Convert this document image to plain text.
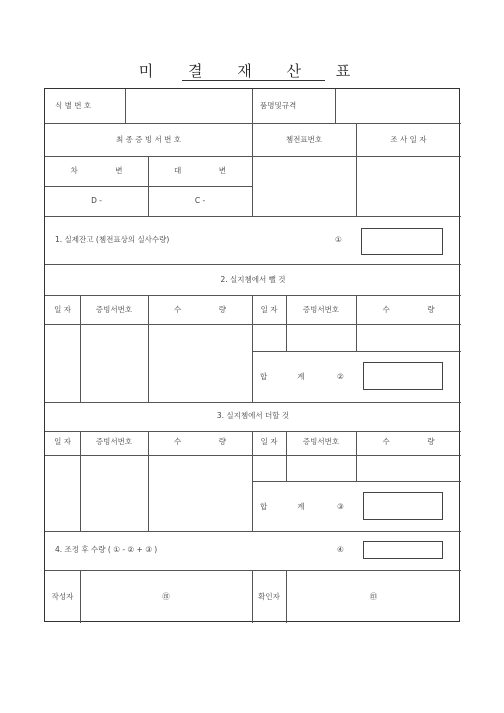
미 결 재 산 표
식 별 번 호	품명및규격
최 종 증 빙 서 번 호	쳄전표번호	조 사 일 자
차　　　　　변	대　　　　　변
D -	C -
1. 실제잔고 (쳄전표상의 실사수량)	①
2. 실지쳄에서 뺄 것
일 자	증빙서번호	수　　　　　량	일 자	증빙서번호	수　　　　　량
합　　　　계	②
3. 실지쳄에서 더할 것
일 자	증빙서번호	수　　　　　량	일 자	증빙서번호	수　　　　　량
합　　　　계	③
4. 조정 후 수량 ( ① - ② + ③ )	④
작성자	㊞	확인자	㊞
